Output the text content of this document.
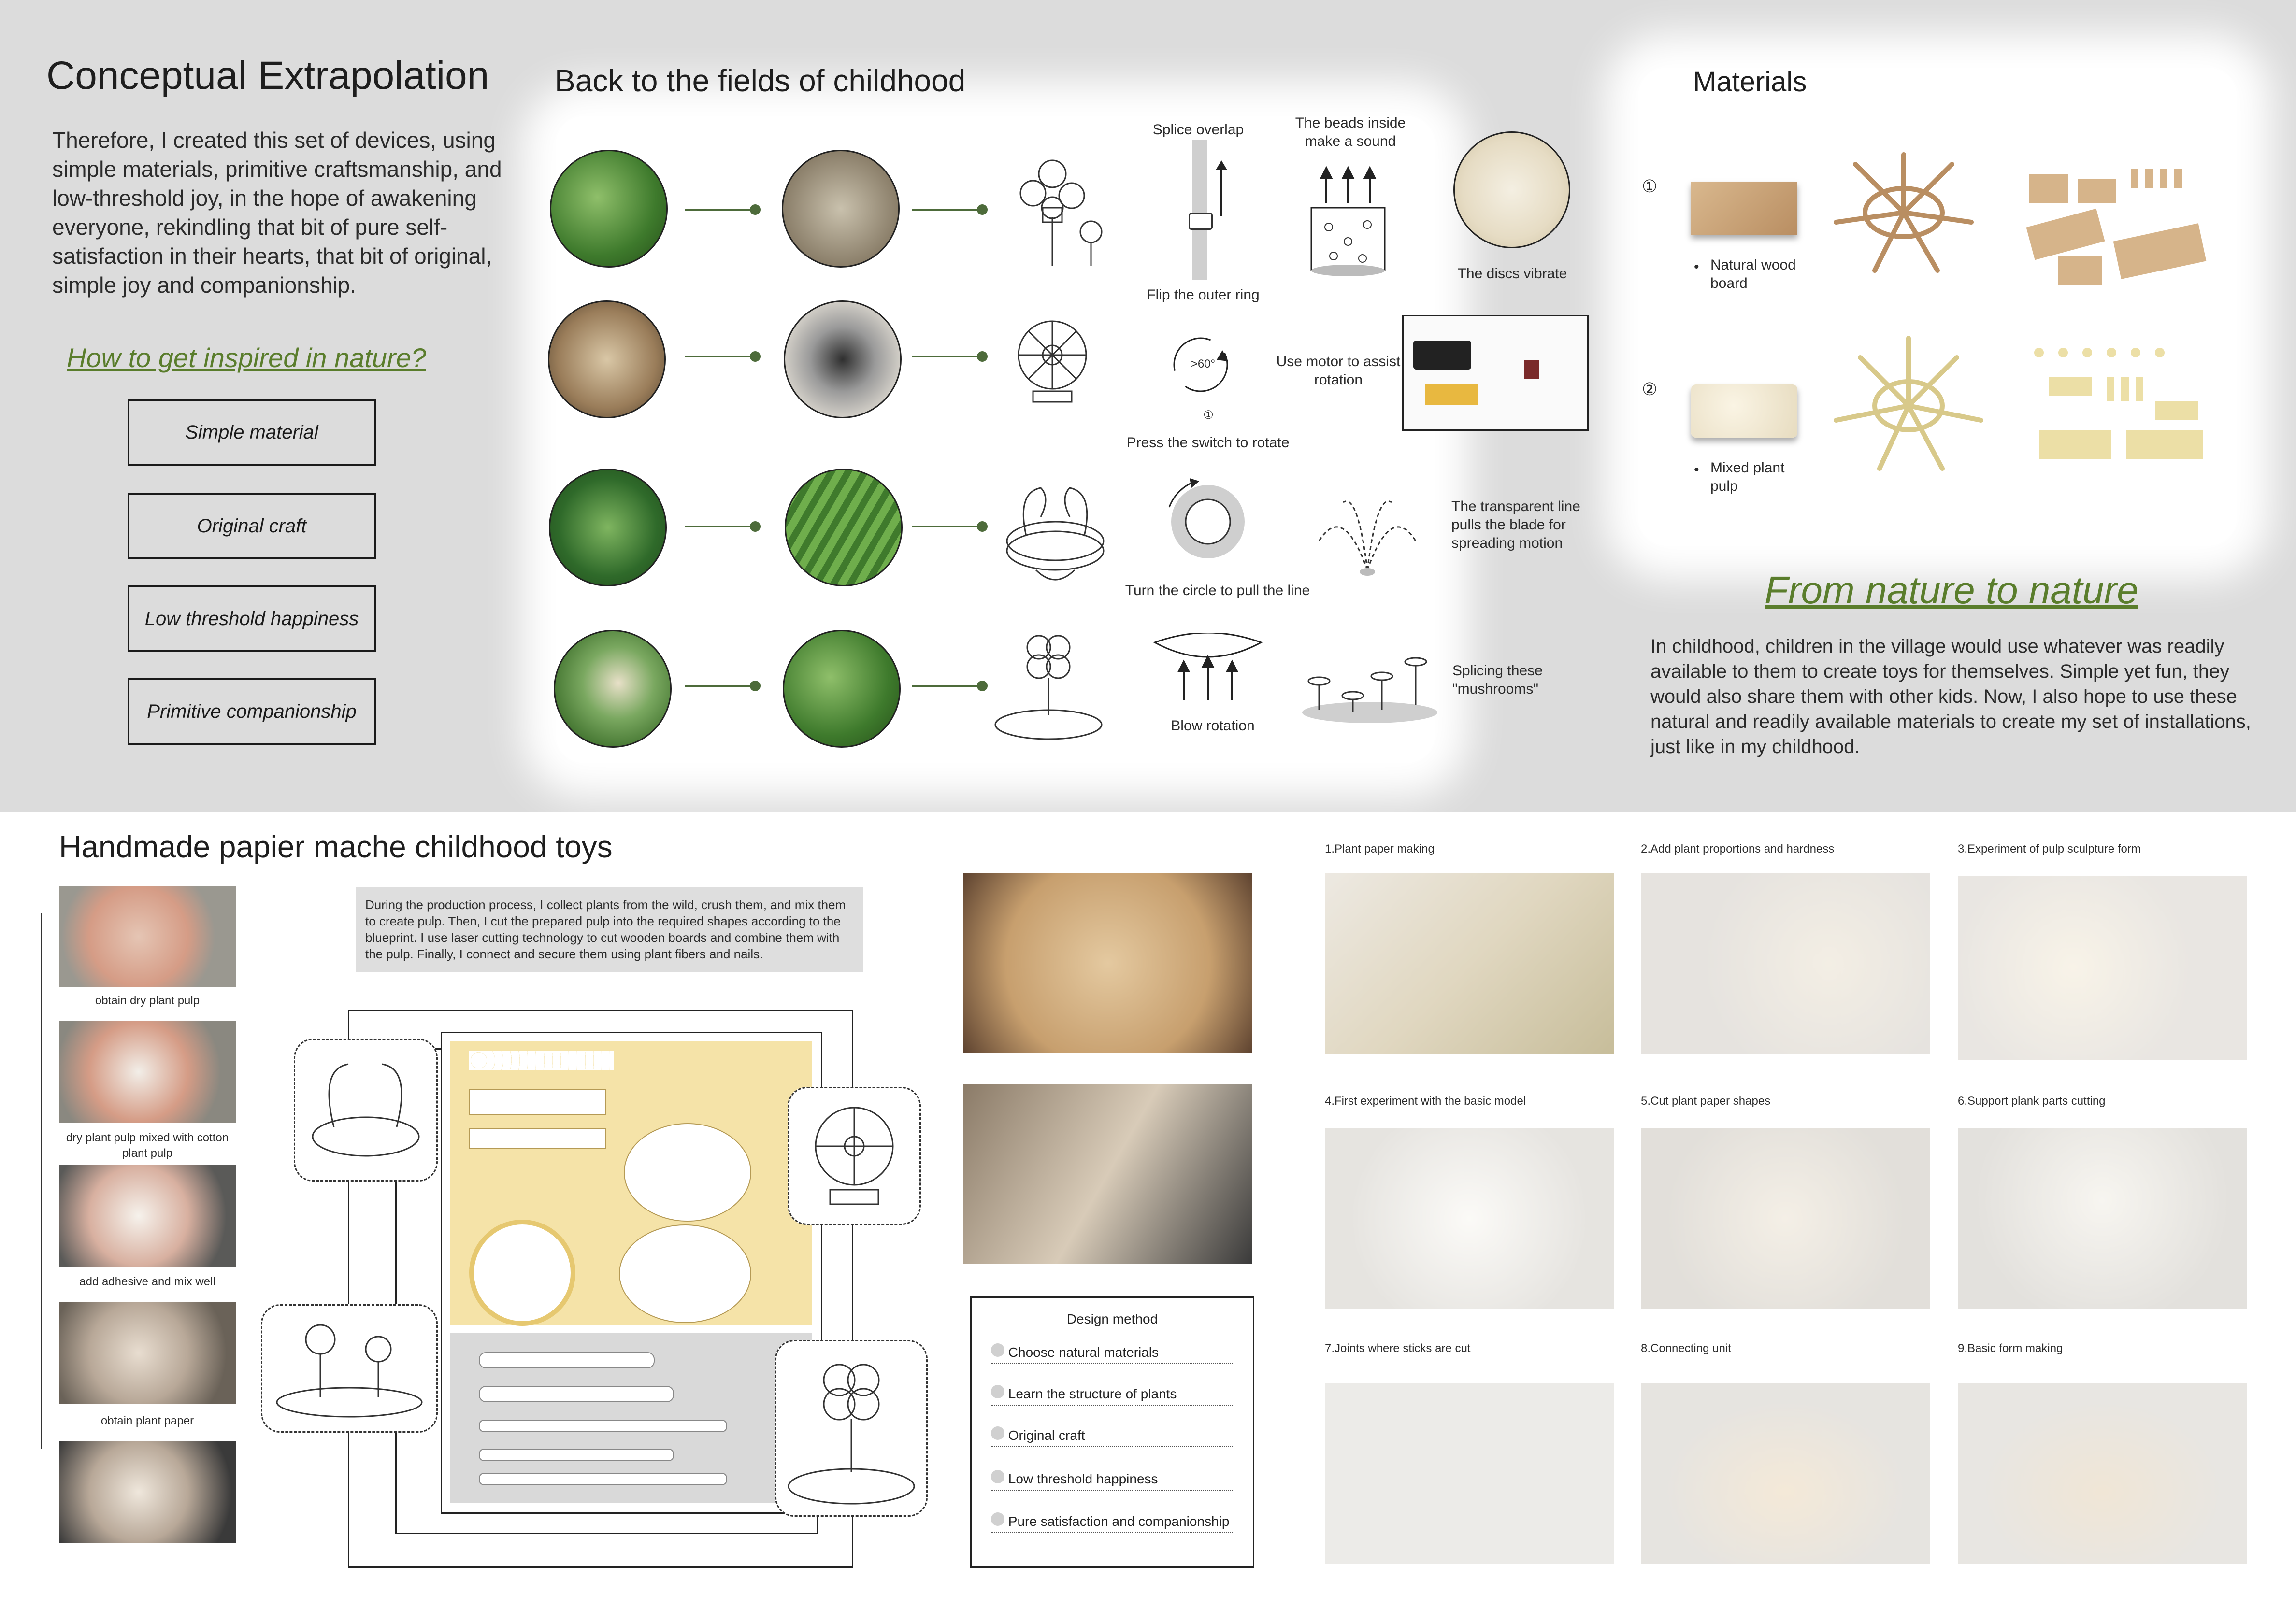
Conceptual Extrapolation
Therefore, I created this set of devices, using simple materials, primitive craftsmanship, and low-threshold joy, in the hope of awakening everyone, rekindling that bit of pure self-satisfaction in their hearts, that bit of original, simple joy and companionship.
How to get inspired in nature?
Simple material
Original craft
Low threshold happiness
Primitive companionship
Back to the fields of childhood
Splice overlap
Flip the outer ring
The beads inside make a sound
The discs vibrate
>60°
①
Press the switch to rotate
Use motor to assist rotation
Turn the circle to pull the line
The transparent line pulls the blade for spreading motion
Blow rotation
Splicing these "mushrooms"
Materials
①
• Natural wood board
②
• Mixed plant pulp
From nature to nature
In childhood, children in the village would use whatever was readily available to them to create toys for themselves. Simple yet fun, they would also share them with other kids. Now, I also hope to use these natural and readily available materials to create my set of installations, just like in my childhood.
Handmade papier mache childhood toys
obtain dry plant pulp
dry plant pulp mixed with cotton plant pulp
add adhesive and mix well
obtain plant paper
During the production process, I collect plants from the wild, crush them, and mix them to create pulp. Then, I cut the prepared pulp into the required shapes according to the blueprint. I use laser cutting technology to cut wooden boards and combine them with the pulp. Finally, I connect and secure them using plant fibers and nails.
Design method
Choose natural materials
Learn the structure of plants
Original craft
Low threshold happiness
Pure satisfaction and companionship
1.Plant paper making	2.Add plant proportions and hardness	3.Experiment of pulp sculpture form
4.First experiment with the basic model	5.Cut plant paper shapes	6.Support plank parts cutting
7.Joints where sticks are cut	8.Connecting unit	9.Basic form making
